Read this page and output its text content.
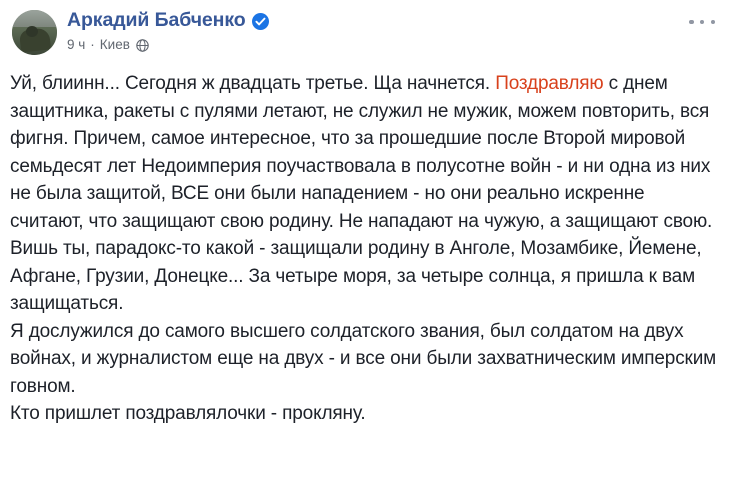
Аркадий Бабченко
9 ч · Киев

Уй, блиинн... Сегодня ж двадцать третье. Ща начнется. Поздравляю с днем защитника, ракеты с пулями летают, не служил не мужик, можем повторить, вся фигня. Причем, самое интересное, что за прошедшие после Второй мировой семьдесят лет Недоимперия поучаствовала в полусотне войн - и ни одна из них не была защитой, ВСЕ они были нападением - но они реально искренне считают, что защищают свою родину. Не нападают на чужую, а защищают свою. Вишь ты, парадокс-то какой - защищали родину в Анголе, Мозамбике, Йемене, Афгане, Грузии, Донецке... За четыре моря, за четыре солнца, я пришла к вам защищаться.

Я дослужился до самого высшего солдатского звания, был солдатом на двух войнах, и журналистом еще на двух - и все они были захватническим имперским говном.

Кто пришлет поздравлялочки - прокляну.
